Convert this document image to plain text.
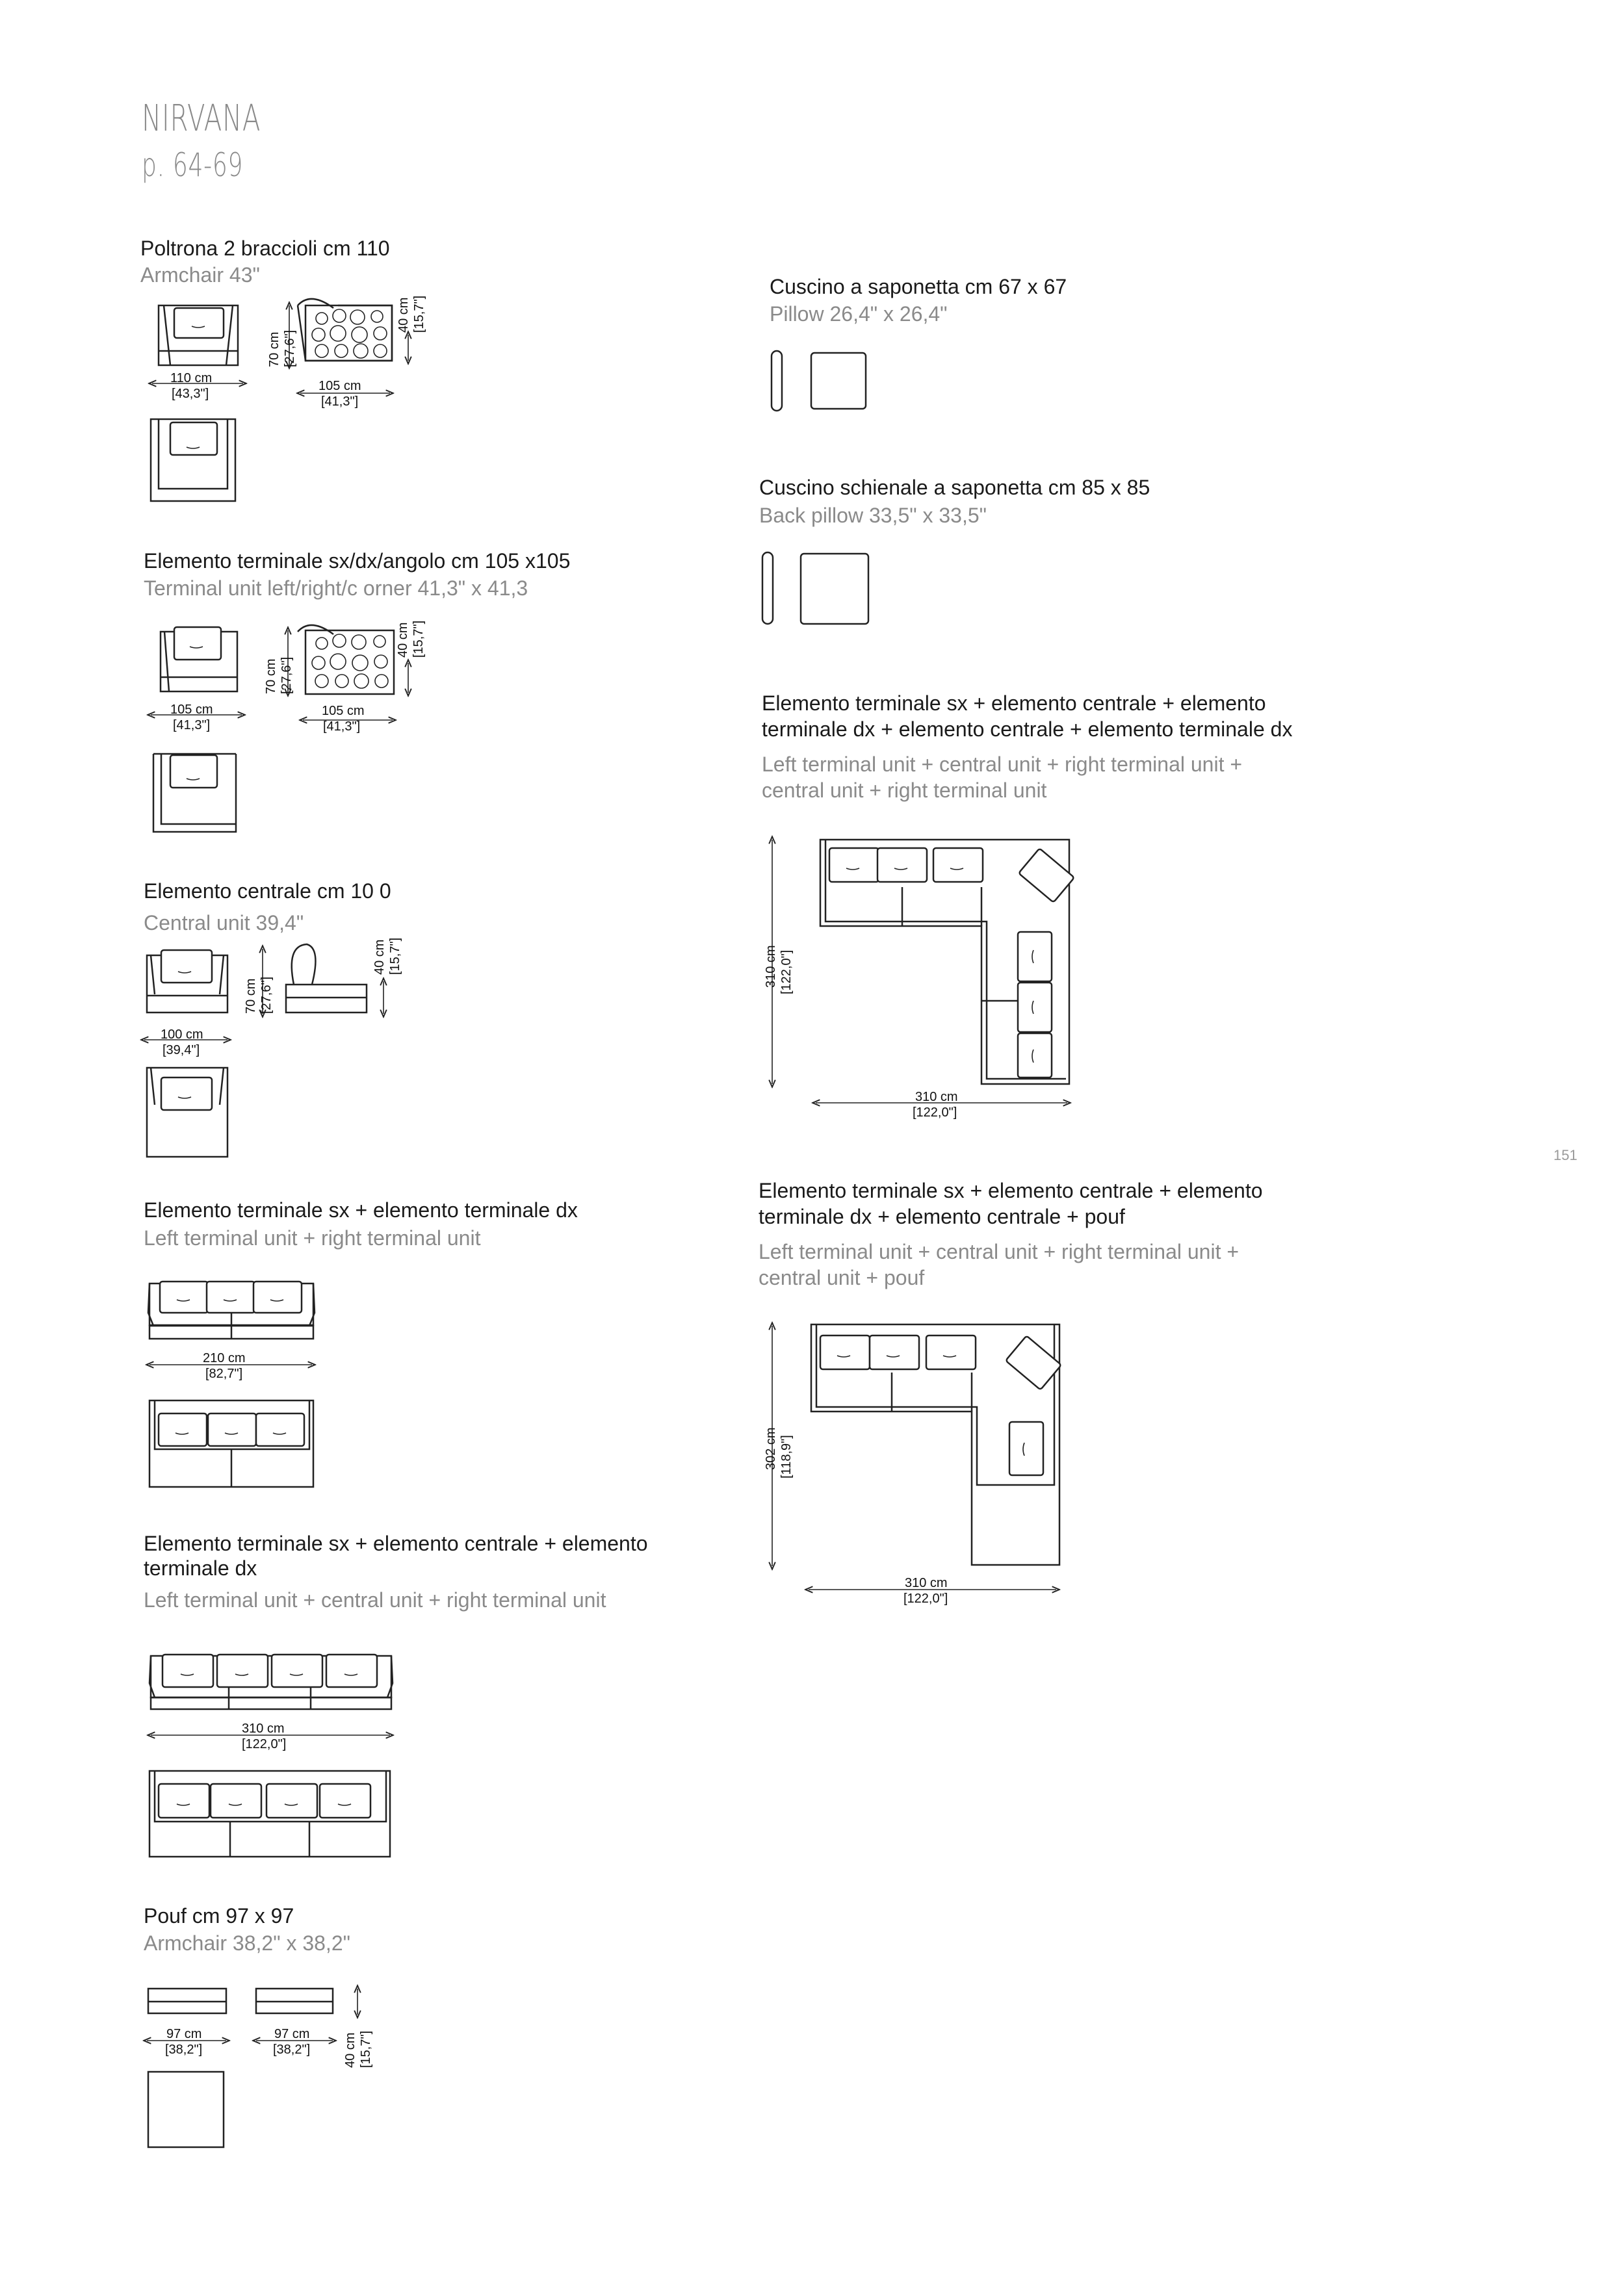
NIRVANA
p. 64-69
151
Poltrona 2 braccioli cm 110
Armchair 43"
Elemento terminale sx/dx/angolo cm 105 x105
Terminal unit left/right/c orner 41,3" x 41,3
Elemento centrale cm 10 0
Central unit 39,4"
Elemento terminale sx + elemento terminale dx
Left terminal unit + right terminal unit
Elemento terminale sx + elemento centrale + elemento
terminale dx
Left terminal unit + central unit + right terminal unit
Pouf cm 97 x 97
Armchair 38,2" x 38,2"
Cuscino a saponetta cm 67 x 67
Pillow 26,4" x 26,4"
Cuscino schienale a saponetta cm 85 x 85
Back pillow 33,5" x 33,5"
Elemento terminale sx + elemento centrale + elemento
terminale dx + elemento centrale + elemento terminale dx
Left terminal unit + central unit + right terminal unit +
central unit + right terminal unit
Elemento terminale sx + elemento centrale + elemento
terminale dx + elemento centrale + pouf
Left terminal unit + central unit + right terminal unit +
central unit + pouf
110 cm
[43,3"]
105 cm
[41,3"]
70 cm [27,6"]
40 cm [15,7"]
105 cm
[41,3"]
105 cm
[41,3"]
70 cm [27,6"]
40 cm [15,7"]
100 cm
[39,4"]
70 cm [27,6"]
40 cm [15,7"]
210 cm
[82,7"]
310 cm
[122,0"]
97 cm
[38,2"]
97 cm
[38,2"]	40 cm [15,7"]
310 cm [122,0"]
310 cm
[122,0"]
302 cm [118,9"]
310 cm
[122,0"]
